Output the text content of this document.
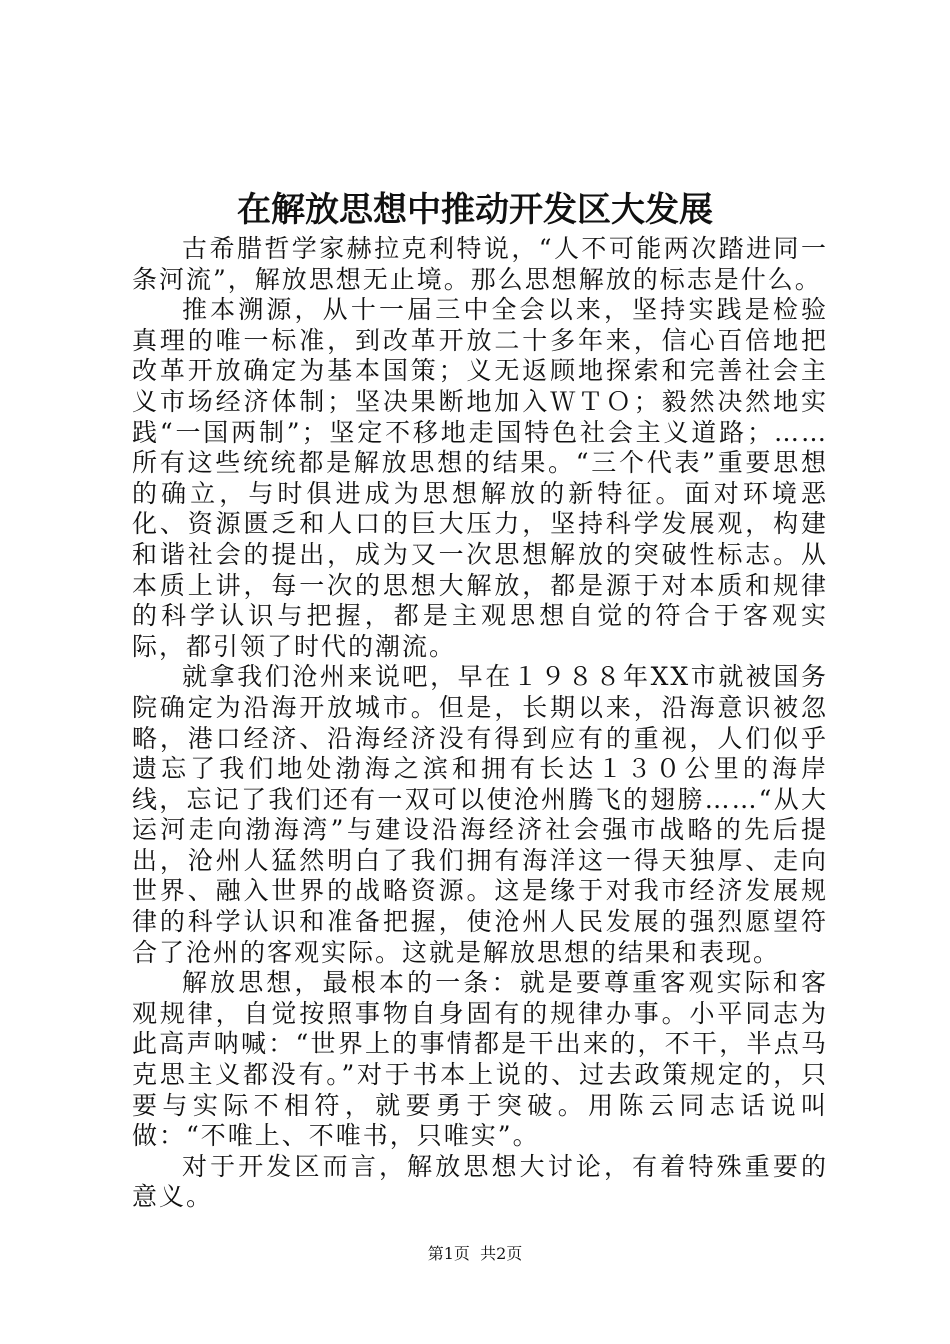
在解放思想中推动开发区大发展

古希腊哲学家赫拉克利特说，“人不可能两次踏进同一条河流”，解放思想无止境。那么思想解放的标志是什么。

推本溯源，从十一届三中全会以来，坚持实践是检验真理的唯一标准，到改革开放二十多年来，信心百倍地把改革开放确定为基本国策；义无返顾地探索和完善社会主义市场经济体制；坚决果断地加入ＷＴＯ；毅然决然地实践“一国两制”；坚定不移地走国特色社会主义道路；……所有这些统统都是解放思想的结果。“三个代表”重要思想的确立，与时俱进成为思想解放的新特征。面对环境恶化、资源匮乏和人口的巨大压力，坚持科学发展观，构建和谐社会的提出，成为又一次思想解放的突破性标志。从本质上讲，每一次的思想大解放，都是源于对本质和规律的科学认识与把握，都是主观思想自觉的符合于客观实际，都引领了时代的潮流。

就拿我们沧州来说吧，早在１９８８年XX市就被国务院确定为沿海开放城市。但是，长期以来，沿海意识被忽略，港口经济、沿海经济没有得到应有的重视，人们似乎遗忘了我们地处渤海之滨和拥有长达１３０公里的海岸线，忘记了我们还有一双可以使沧州腾飞的翅膀……“从大运河走向渤海湾”与建设沿海经济社会强市战略的先后提出，沧州人猛然明白了我们拥有海洋这一得天独厚、走向世界、融入世界的战略资源。这是缘于对我市经济发展规律的科学认识和准备把握，使沧州人民发展的强烈愿望符合了沧州的客观实际。这就是解放思想的结果和表现。

解放思想，最根本的一条：就是要尊重客观实际和客观规律，自觉按照事物自身固有的规律办事。小平同志为此高声呐喊：“世界上的事情都是干出来的，不干，半点马克思主义都没有。”对于书本上说的、过去政策规定的，只要与实际不相符，就要勇于突破。用陈云同志话说叫做：“不唯上、不唯书，只唯实”。

对于开发区而言，解放思想大讨论，有着特殊重要的意义。

第1页 共2页
